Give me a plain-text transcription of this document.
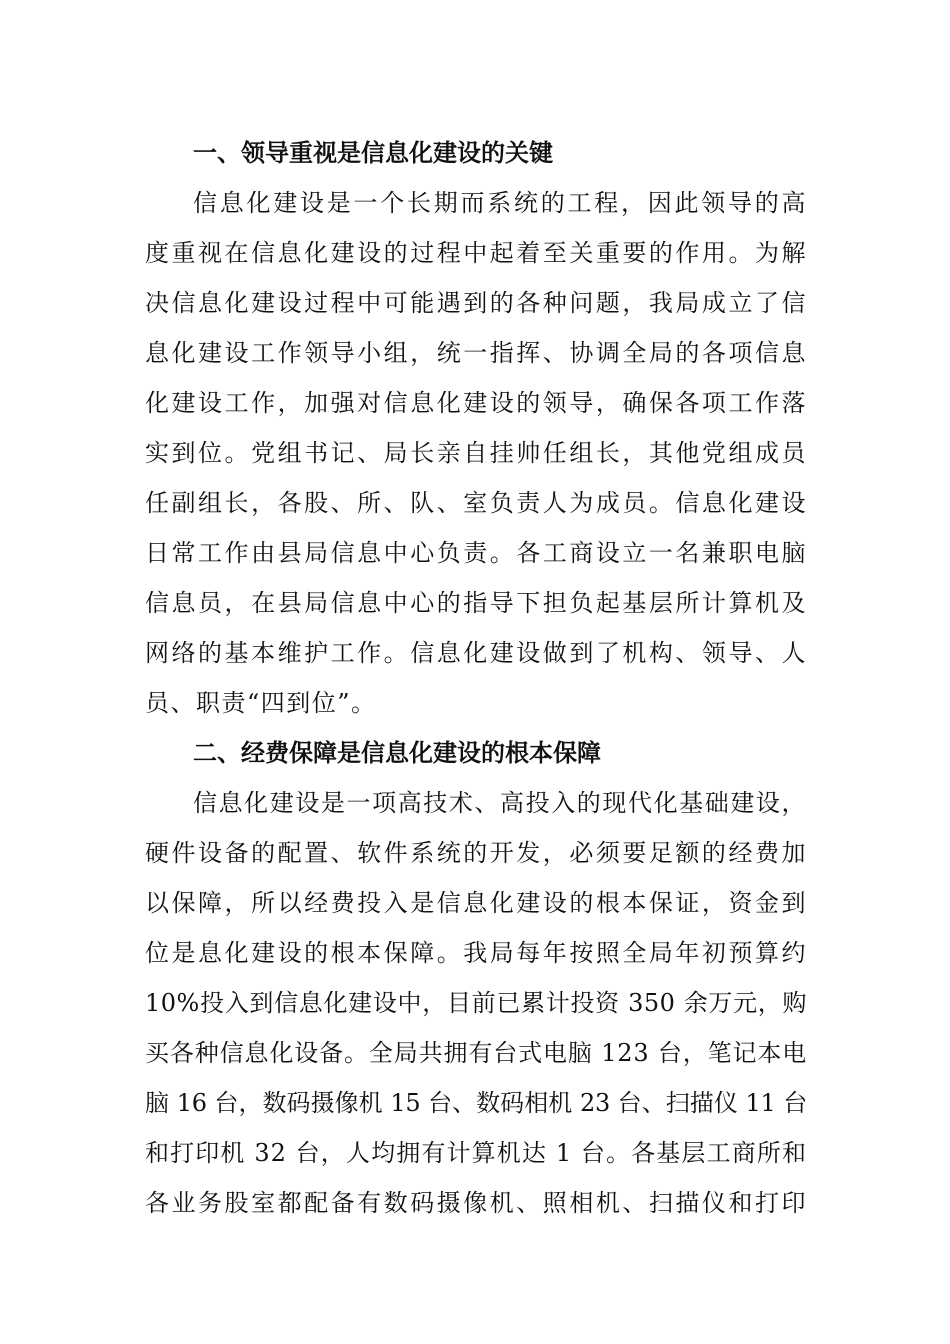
一、领导重视是信息化建设的关键

信息化建设是一个长期而系统的工程，因此领导的高
度重视在信息化建设的过程中起着至关重要的作用。为解
决信息化建设过程中可能遇到的各种问题，我局成立了信
息化建设工作领导小组，统一指挥、协调全局的各项信息
化建设工作，加强对信息化建设的领导，确保各项工作落
实到位。党组书记、局长亲自挂帅任组长，其他党组成员
任副组长，各股、所、队、室负责人为成员。信息化建设
日常工作由县局信息中心负责。各工商设立一名兼职电脑
信息员，在县局信息中心的指导下担负起基层所计算机及
网络的基本维护工作。信息化建设做到了机构、领导、人
员、职责“四到位”。

二、经费保障是信息化建设的根本保障

信息化建设是一项高技术、高投入的现代化基础建设，
硬件设备的配置、软件系统的开发，必须要足额的经费加
以保障，所以经费投入是信息化建设的根本保证，资金到
位是息化建设的根本保障。我局每年按照全局年初预算约
10%投入到信息化建设中，目前已累计投资 350 余万元，购
买各种信息化设备。全局共拥有台式电脑 123 台，笔记本电
脑 16 台，数码摄像机 15 台、数码相机 23 台、扫描仪 11 台
和打印机 32 台，人均拥有计算机达 1 台。各基层工商所和
各业务股室都配备有数码摄像机、照相机、扫描仪和打印
